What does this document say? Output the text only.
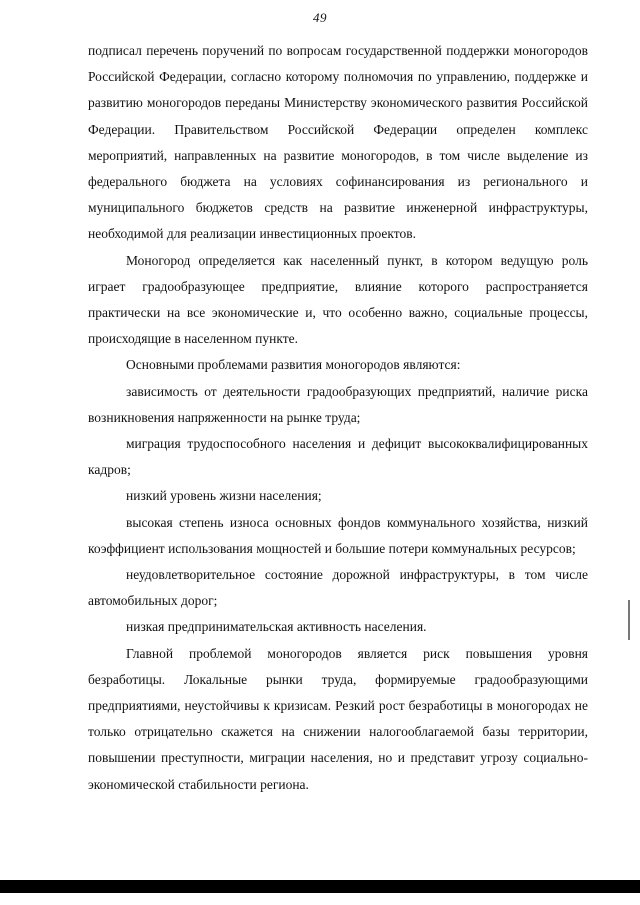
49

подписал перечень поручений по вопросам государственной поддержки моногородов Российской Федерации, согласно которому полномочия по управлению, поддержке и развитию моногородов переданы Министерству экономического развития Российской Федерации. Правительством Российской Федерации определен комплекс мероприятий, направленных на развитие моногородов, в том числе выделение из федерального бюджета на условиях софинансирования из регионального и муниципального бюджетов средств на развитие инженерной инфраструктуры, необходимой для реализации инвестиционных проектов.

Моногород определяется как населенный пункт, в котором ведущую роль играет градообразующее предприятие, влияние которого распространяется практически на все экономические и, что особенно важно, социальные процессы, происходящие в населенном пункте.

Основными проблемами развития моногородов являются:

зависимость от деятельности градообразующих предприятий, наличие риска возникновения напряженности на рынке труда;

миграция трудоспособного населения и дефицит высококвалифицированных кадров;

низкий уровень жизни населения;

высокая степень износа основных фондов коммунального хозяйства, низкий коэффициент использования мощностей и большие потери коммунальных ресурсов;

неудовлетворительное состояние дорожной инфраструктуры, в том числе автомобильных дорог;

низкая предпринимательская активность населения.

Главной проблемой моногородов является риск повышения уровня безработицы. Локальные рынки труда, формируемые градообразующими предприятиями, неустойчивы к кризисам. Резкий рост безработицы в моногородах не только отрицательно скажется на снижении налогооблагаемой базы территории, повышении преступности, миграции населения, но и представит угрозу социально-экономической стабильности региона.
